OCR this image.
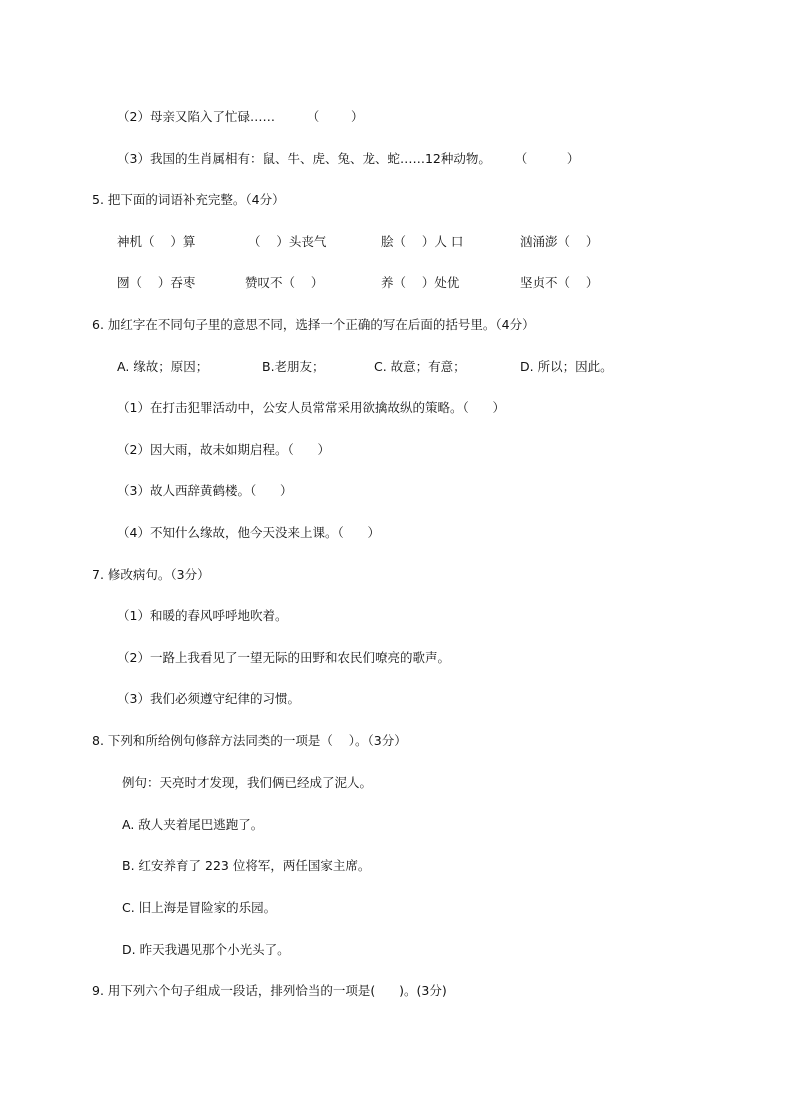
（2）母亲又陷入了忙碌……        （        ）
（3）我国的生肖属相有：鼠、牛、虎、兔、龙、蛇……12种动物。      （          ）
5. 把下面的词语补充完整。（4分）
神机（    ）算	（    ）头丧气	脍（    ）人 口	汹涌澎（    ）
囫（    ）吞枣	赞叹不（    ）	养（    ）处优	坚贞不（    ）
6. 加红字在不同句子里的意思不同，选择一个正确的写在后面的括号里。（4分）
A. 缘故；原因；	B.老朋友；	C. 故意；有意；	D. 所以；因此。
（1）在打击犯罪活动中，公安人员常常采用欲擒故纵的策略。（      ）
（2）因大雨，故未如期启程。（      ）
（3）故人西辞黄鹤楼。（      ）
（4）不知什么缘故，他今天没来上课。（      ）
7. 修改病句。（3分）
（1）和暖的春风呼呼地吹着。
（2）一路上我看见了一望无际的田野和农民们嘹亮的歌声。
（3）我们必须遵守纪律的习惯。
8. 下列和所给例句修辞方法同类的一项是（    ）。（3分）
例句：天亮时才发现，我们俩已经成了泥人。
A. 敌人夹着尾巴逃跑了。
B. 红安养育了 223 位将军，两任国家主席。
C. 旧上海是冒险家的乐园。
D. 昨天我遇见那个小光头了。
9. 用下列六个句子组成一段话，排列恰当的一项是(      )。(3分)
